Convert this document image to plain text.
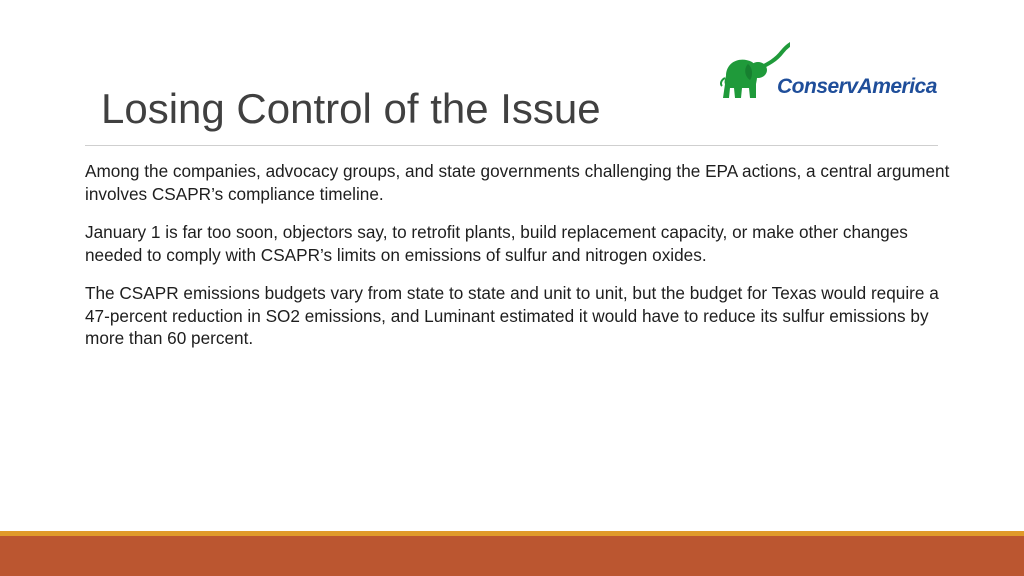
Losing Control of the Issue	ConservAmerica

Among the companies, advocacy groups, and state governments challenging the EPA actions, a central argument involves CSAPR’s compliance timeline.

January 1 is far too soon, objectors say, to retrofit plants, build replacement capacity, or make other changes needed to comply with CSAPR’s limits on emissions of sulfur and nitrogen oxides.

The CSAPR emissions budgets vary from state to state and unit to unit, but the budget for Texas would require a 47-percent reduction in SO2 emissions, and Luminant estimated it would have to reduce its sulfur emissions by more than 60 percent.
